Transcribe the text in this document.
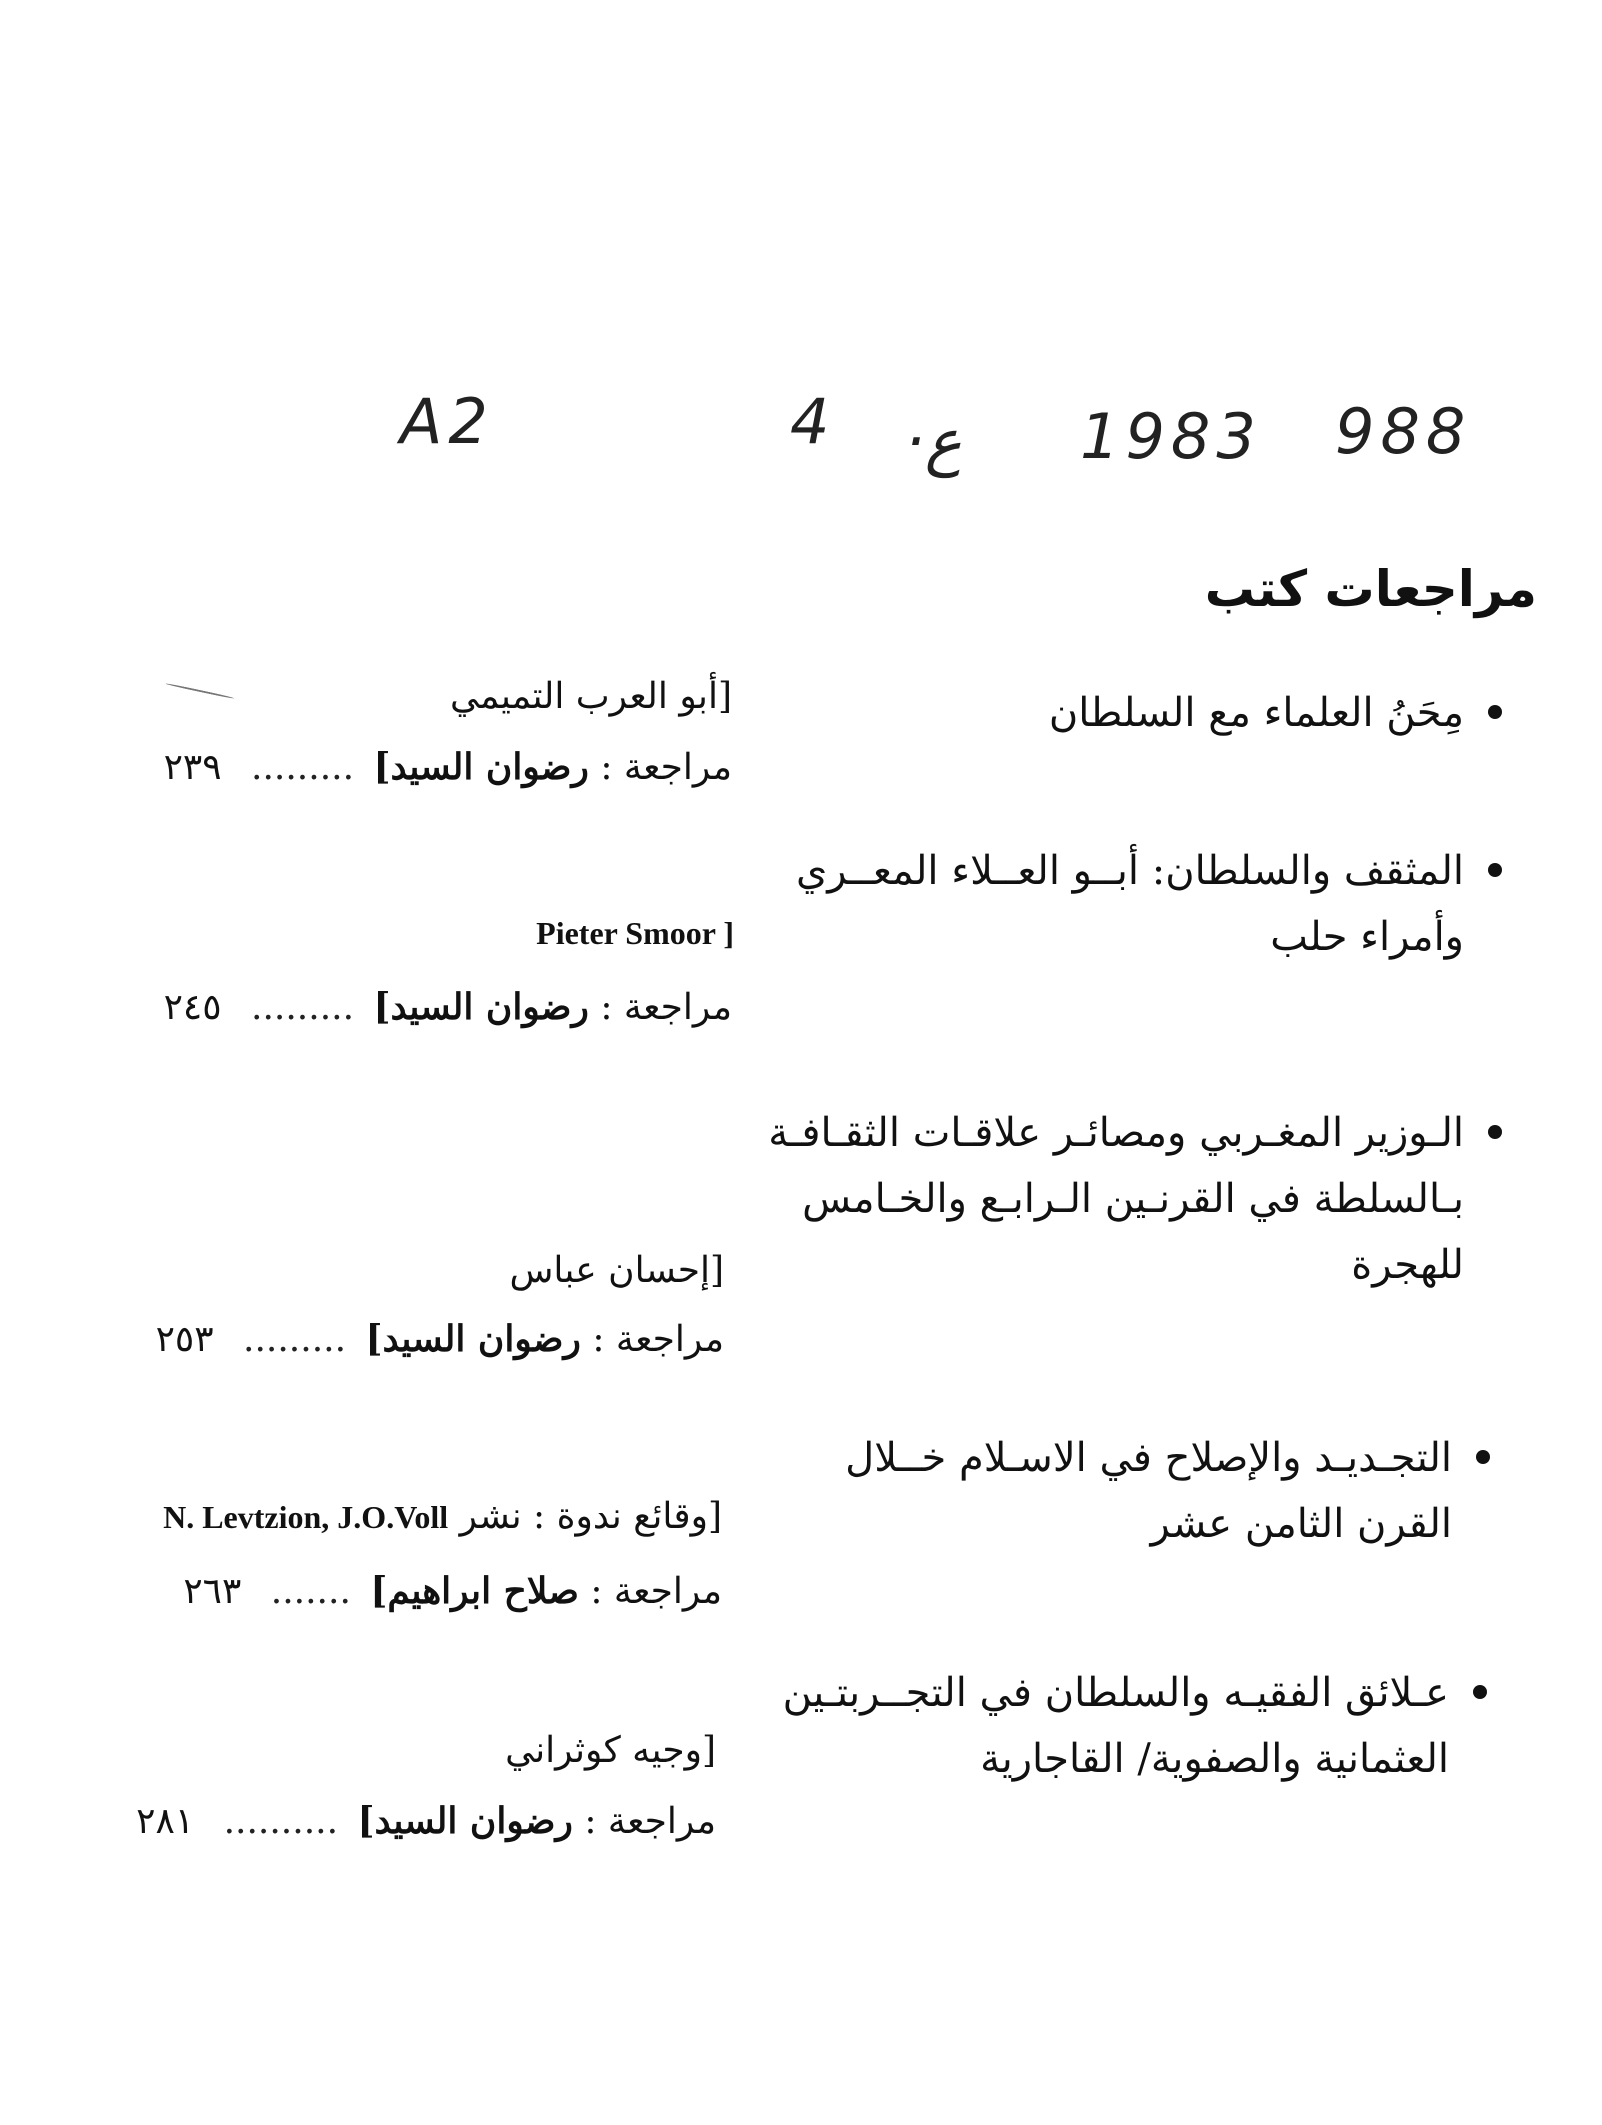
A2	4 ·ع 1983 988
مراجعات كتب
مِحَنُ العلماء مع السلطان
[أبو العرب التميمي
مراجعة : رضوان السيد] ......... ٢٣٩
المثقف والسلطان: أبــو العــلاء المعــري
وأمراء حلب
Pieter Smoor ]
مراجعة : رضوان السيد] ......... ٢٤٥
الـوزير المغـربي ومصائـر علاقـات الثقـافـة
بـالسلطة في القرنـين الـرابـع والخـامس
للهجرة
[إحسان عباس
مراجعة : رضوان السيد] ......... ٢٥٣
التجـديـد والإصلاح في الاسـلام خــلال
القرن الثامن عشر
[وقائع ندوة : نشر N. Levtzion, J.O.Voll
مراجعة : صلاح ابراهيم] ....... ٢٦٣
عـلائق الفقيـه والسلطان في التجــربتـين
العثمانية والصفوية/ القاجارية
[وجيه كوثراني
مراجعة : رضوان السيد] .......... ٢٨١
